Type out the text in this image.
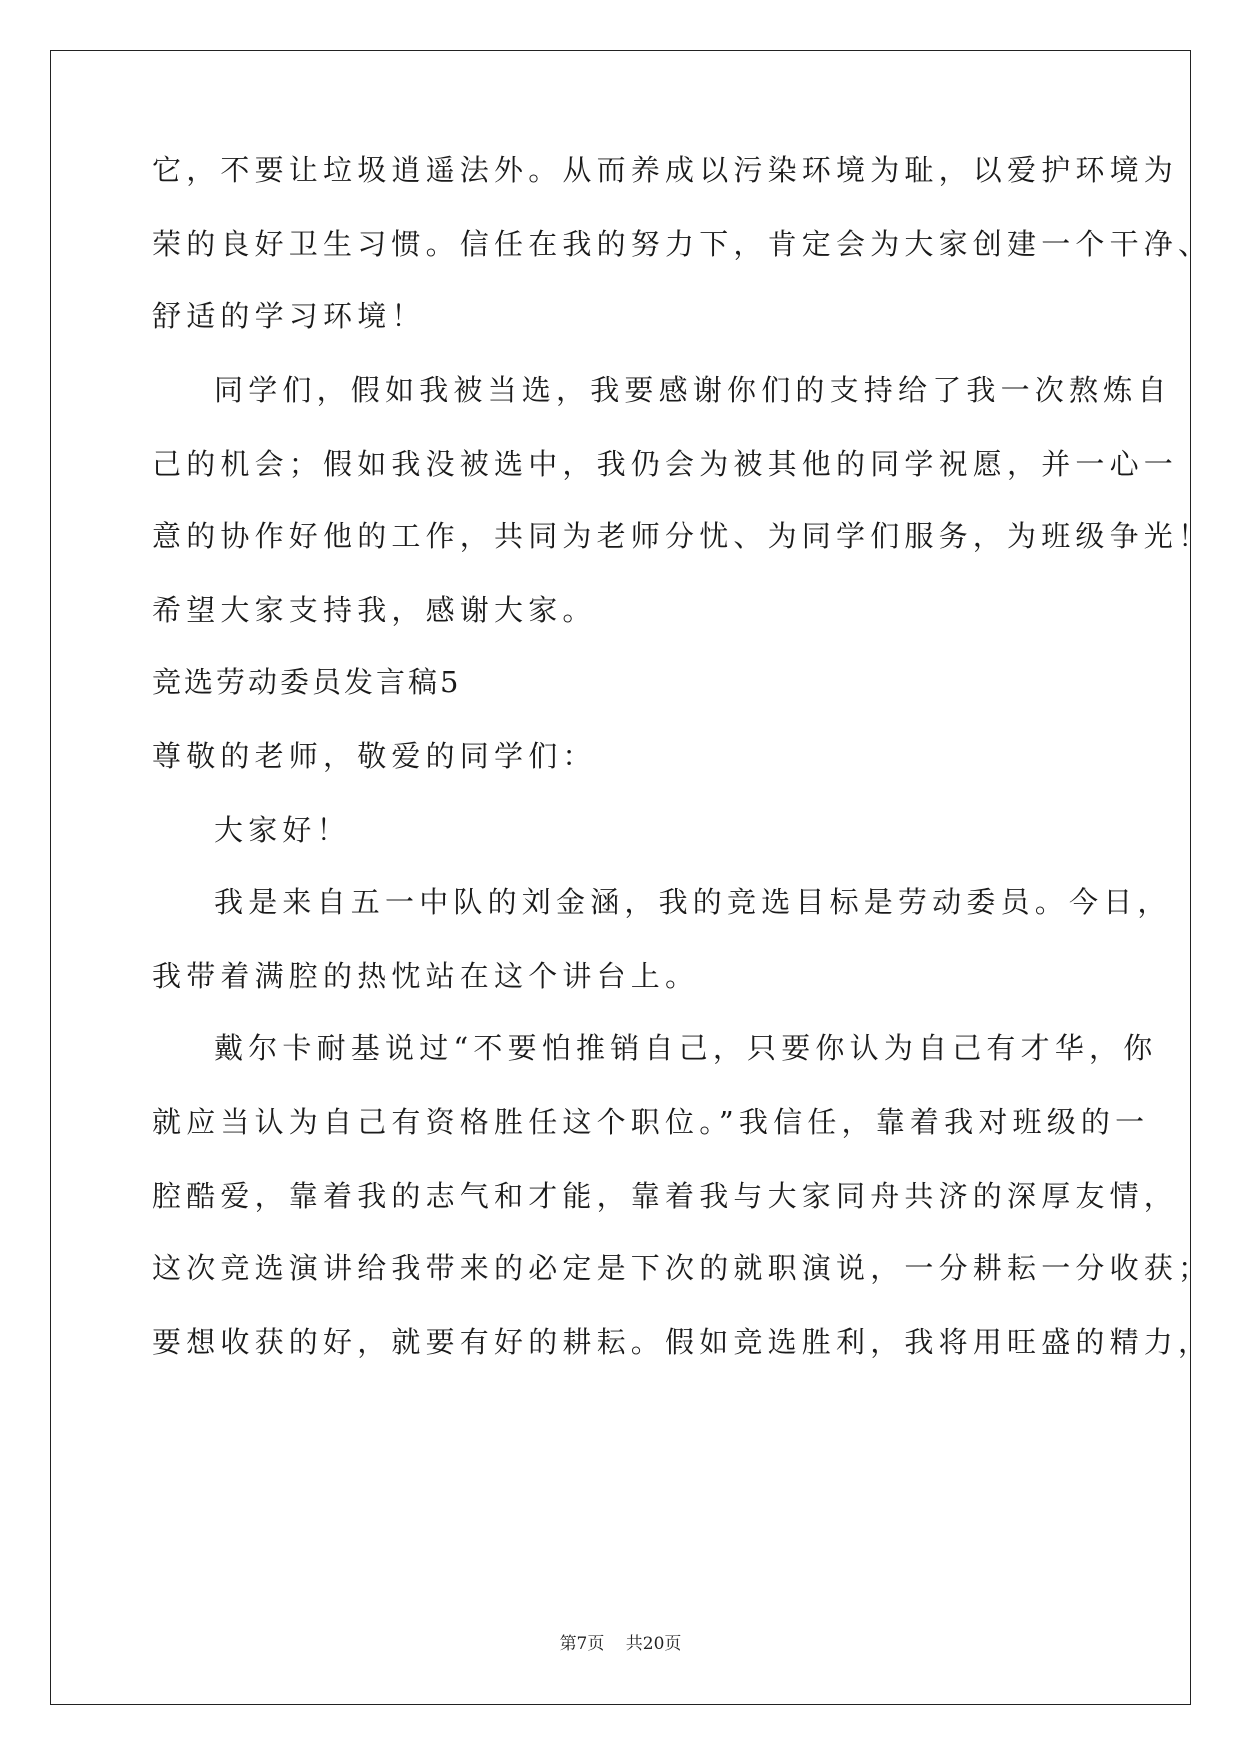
它，不要让垃圾逍遥法外。从而养成以污染环境为耻，以爱护环境为
荣的良好卫生习惯。信任在我的努力下，肯定会为大家创建一个干净、
舒适的学习环境！
同学们，假如我被当选，我要感谢你们的支持给了我一次熬炼自
己的机会；假如我没被选中，我仍会为被其他的同学祝愿，并一心一
意的协作好他的工作，共同为老师分忧、为同学们服务，为班级争光！
希望大家支持我，感谢大家。
竞选劳动委员发言稿5
尊敬的老师，敬爱的同学们：
大家好！
我是来自五一中队的刘金涵，我的竞选目标是劳动委员。今日，
我带着满腔的热忱站在这个讲台上。
戴尔卡耐基说过“不要怕推销自己，只要你认为自己有才华，你
就应当认为自己有资格胜任这个职位。”我信任，靠着我对班级的一
腔酷爱，靠着我的志气和才能，靠着我与大家同舟共济的深厚友情，
这次竞选演讲给我带来的必定是下次的就职演说，一分耕耘一分收获；
要想收获的好，就要有好的耕耘。假如竞选胜利，我将用旺盛的精力，
第7页 共20页
